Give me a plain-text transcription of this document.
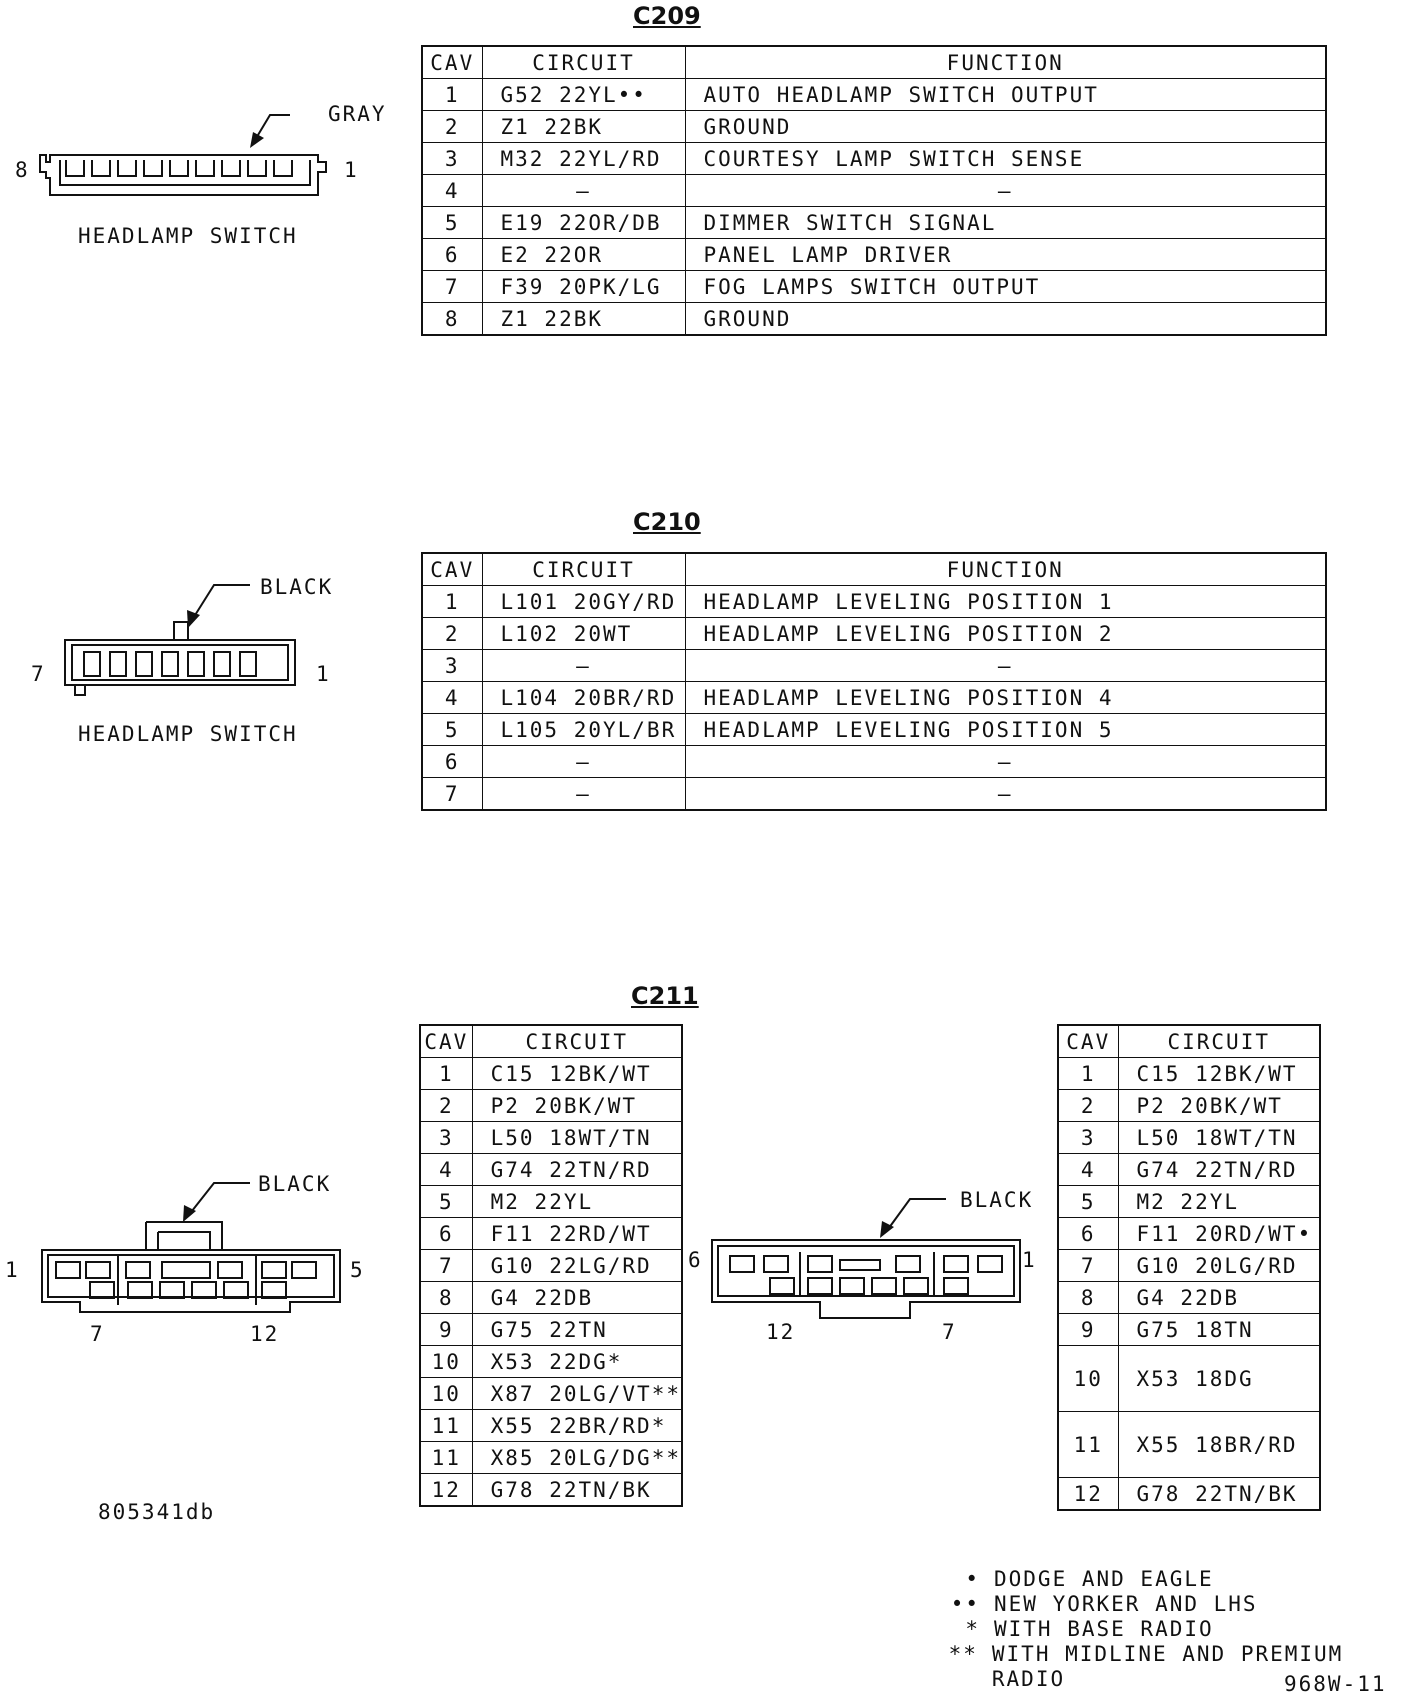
C209
GRAY
8	1
HEADLAMP SWITCH
CAV	CIRCUIT	FUNCTION
1	G52 22YL••	AUTO HEADLAMP SWITCH OUTPUT
2	Z1 22BK	GROUND
3	M32 22YL/RD	COURTESY LAMP SWITCH SENSE
4	–	–
5	E19 22OR/DB	DIMMER SWITCH SIGNAL
6	E2 22OR	PANEL LAMP DRIVER
7	F39 20PK/LG	FOG LAMPS SWITCH OUTPUT
8	Z1 22BK	GROUND
C210
BLACK
7	1
HEADLAMP SWITCH
CAV	CIRCUIT	FUNCTION
1	L101 20GY/RD	HEADLAMP LEVELING POSITION 1
2	L102 20WT	HEADLAMP LEVELING POSITION 2
3	–	–
4	L104 20BR/RD	HEADLAMP LEVELING POSITION 4
5	L105 20YL/BR	HEADLAMP LEVELING POSITION 5
6	–	–
7	–	–
C211
BLACK
1	5
7	12
BLACK
6	1
12	7
CAV	CIRCUIT
1	C15 12BK/WT
2	P2 20BK/WT
3	L50 18WT/TN
4	G74 22TN/RD
5	M2 22YL
6	F11 22RD/WT
7	G10 22LG/RD
8	G4 22DB
9	G75 22TN
10	X53 22DG*
10	X87 20LG/VT**
11	X55 22BR/RD*
11	X85 20LG/DG**
12	G78 22TN/BK
CAV	CIRCUIT
1	C15 12BK/WT
2	P2 20BK/WT
3	L50 18WT/TN
4	G74 22TN/RD
5	M2 22YL
6	F11 20RD/WT•
7	G10 20LG/RD
8	G4 22DB
9	G75 18TN
10	X53 18DG
11	X55 18BR/RD
12	G78 22TN/BK
805341db
• DODGE AND EAGLE
•• NEW YORKER AND LHS
* WITH BASE RADIO
** WITH MIDLINE AND PREMIUM RADIO	968W-11
